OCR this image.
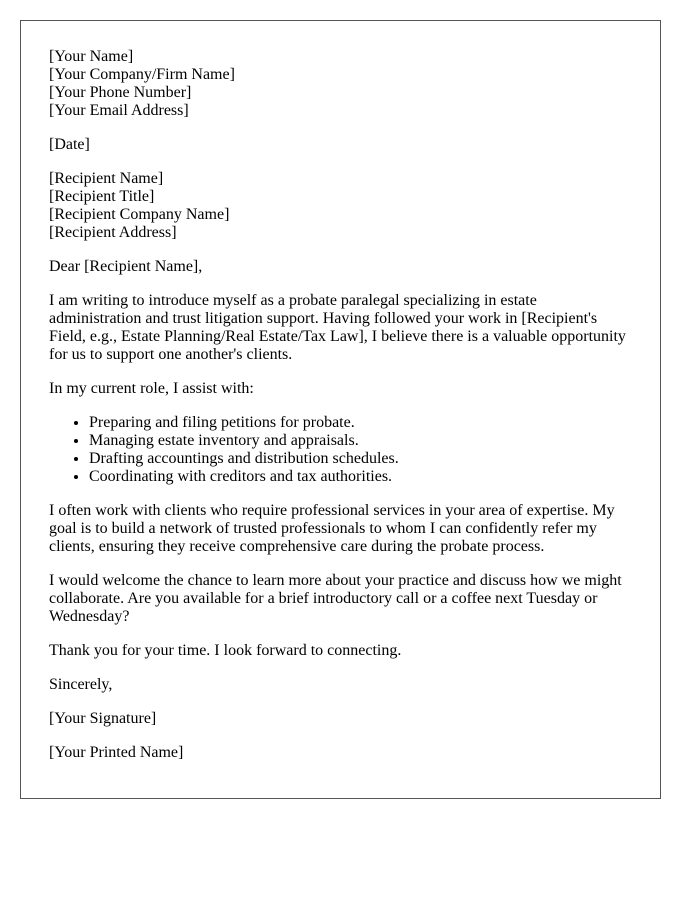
[Your Name]
[Your Company/Firm Name]
[Your Phone Number]
[Your Email Address]

[Date]

[Recipient Name]
[Recipient Title]
[Recipient Company Name]
[Recipient Address]

Dear [Recipient Name],

I am writing to introduce myself as a probate paralegal specializing in estate administration and trust litigation support. Having followed your work in [Recipient's Field, e.g., Estate Planning/Real Estate/Tax Law], I believe there is a valuable opportunity for us to support one another's clients.

In my current role, I assist with:

• Preparing and filing petitions for probate.
• Managing estate inventory and appraisals.
• Drafting accountings and distribution schedules.
• Coordinating with creditors and tax authorities.

I often work with clients who require professional services in your area of expertise. My goal is to build a network of trusted professionals to whom I can confidently refer my clients, ensuring they receive comprehensive care during the probate process.

I would welcome the chance to learn more about your practice and discuss how we might collaborate. Are you available for a brief introductory call or a coffee next Tuesday or Wednesday?

Thank you for your time. I look forward to connecting.

Sincerely,

[Your Signature]

[Your Printed Name]
